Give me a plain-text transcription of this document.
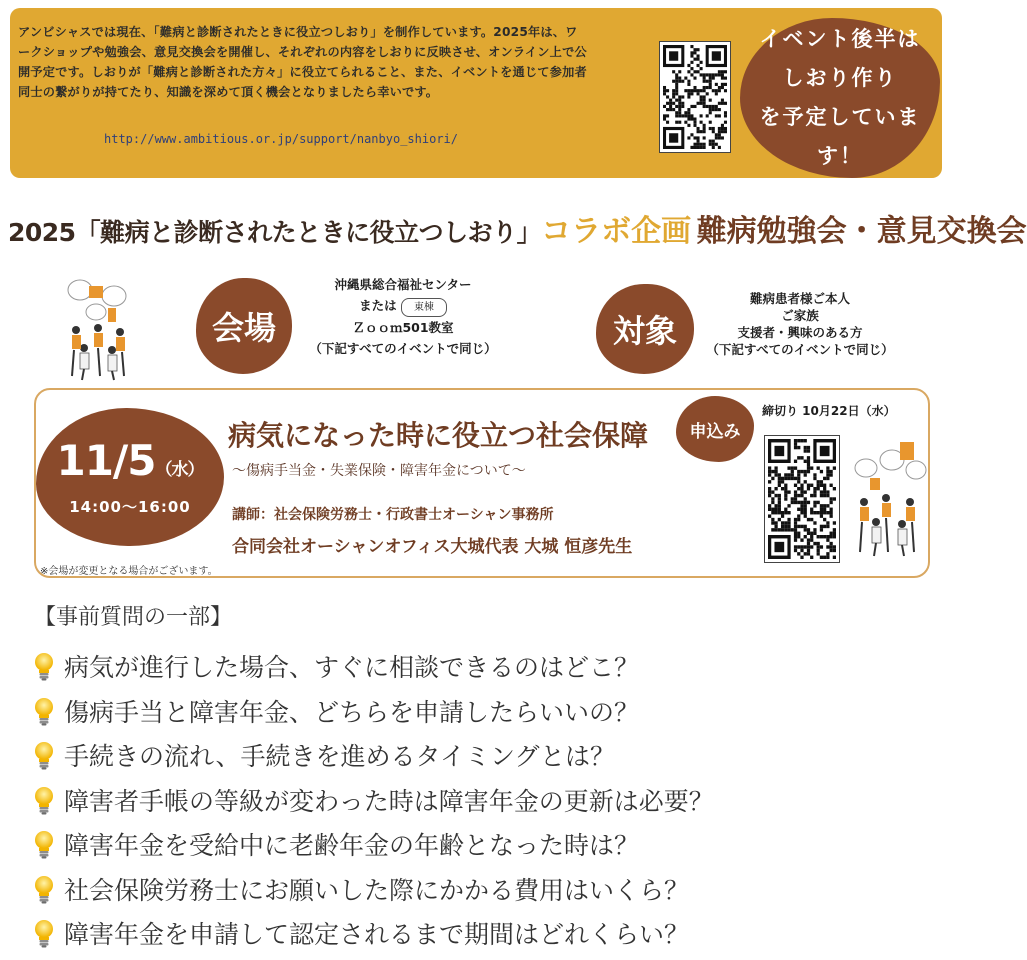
アンビシャスでは現在、「難病と診断されたときに役立つしおり」を制作しています。2025年は、ワ
ークショップや勉強会、意見交換会を開催し、それぞれの内容をしおりに反映させ、オンライン上で公
開予定です。しおりが「難病と診断された方々」に役立てられること、また、イベントを通じて参加者
同士の繋がりが持てたり、知識を深めて頂く機会となりましたら幸いです。
http://www.ambitious.or.jp/support/nanbyo_shiori/
イベント後半は
しおり作り
を予定しています！
2025「難病と診断されたときに役立つしおり」コラボ企画 難病勉強会・意見交換会
会場
沖縄県総合福祉センター
または 東棟
Ｚｏｏｍ501教室
（下記すべてのイベントで同じ）	対象
難病患者様ご本人
ご家族
支援者・興味のある方
（下記すべてのイベントで同じ）
11/5（水）
14:00〜16:00
病気になった時に役立つ社会保障
〜傷病手当金・失業保険・障害年金について〜
講師：社会保険労務士・行政書士オーシャン事務所
合同会社オーシャンオフィス大城代表 大城 恒彦先生
申込み
締切り 10月22日（水）
※会場が変更となる場合がございます。
【事前質問の一部】
病気が進行した場合、すぐに相談できるのはどこ？
傷病手当と障害年金、どちらを申請したらいいの？
手続きの流れ、手続きを進めるタイミングとは？
障害者手帳の等級が変わった時は障害年金の更新は必要？
障害年金を受給中に老齢年金の年齢となった時は？
社会保険労務士にお願いした際にかかる費用はいくら？
障害年金を申請して認定されるまで期間はどれくらい？
